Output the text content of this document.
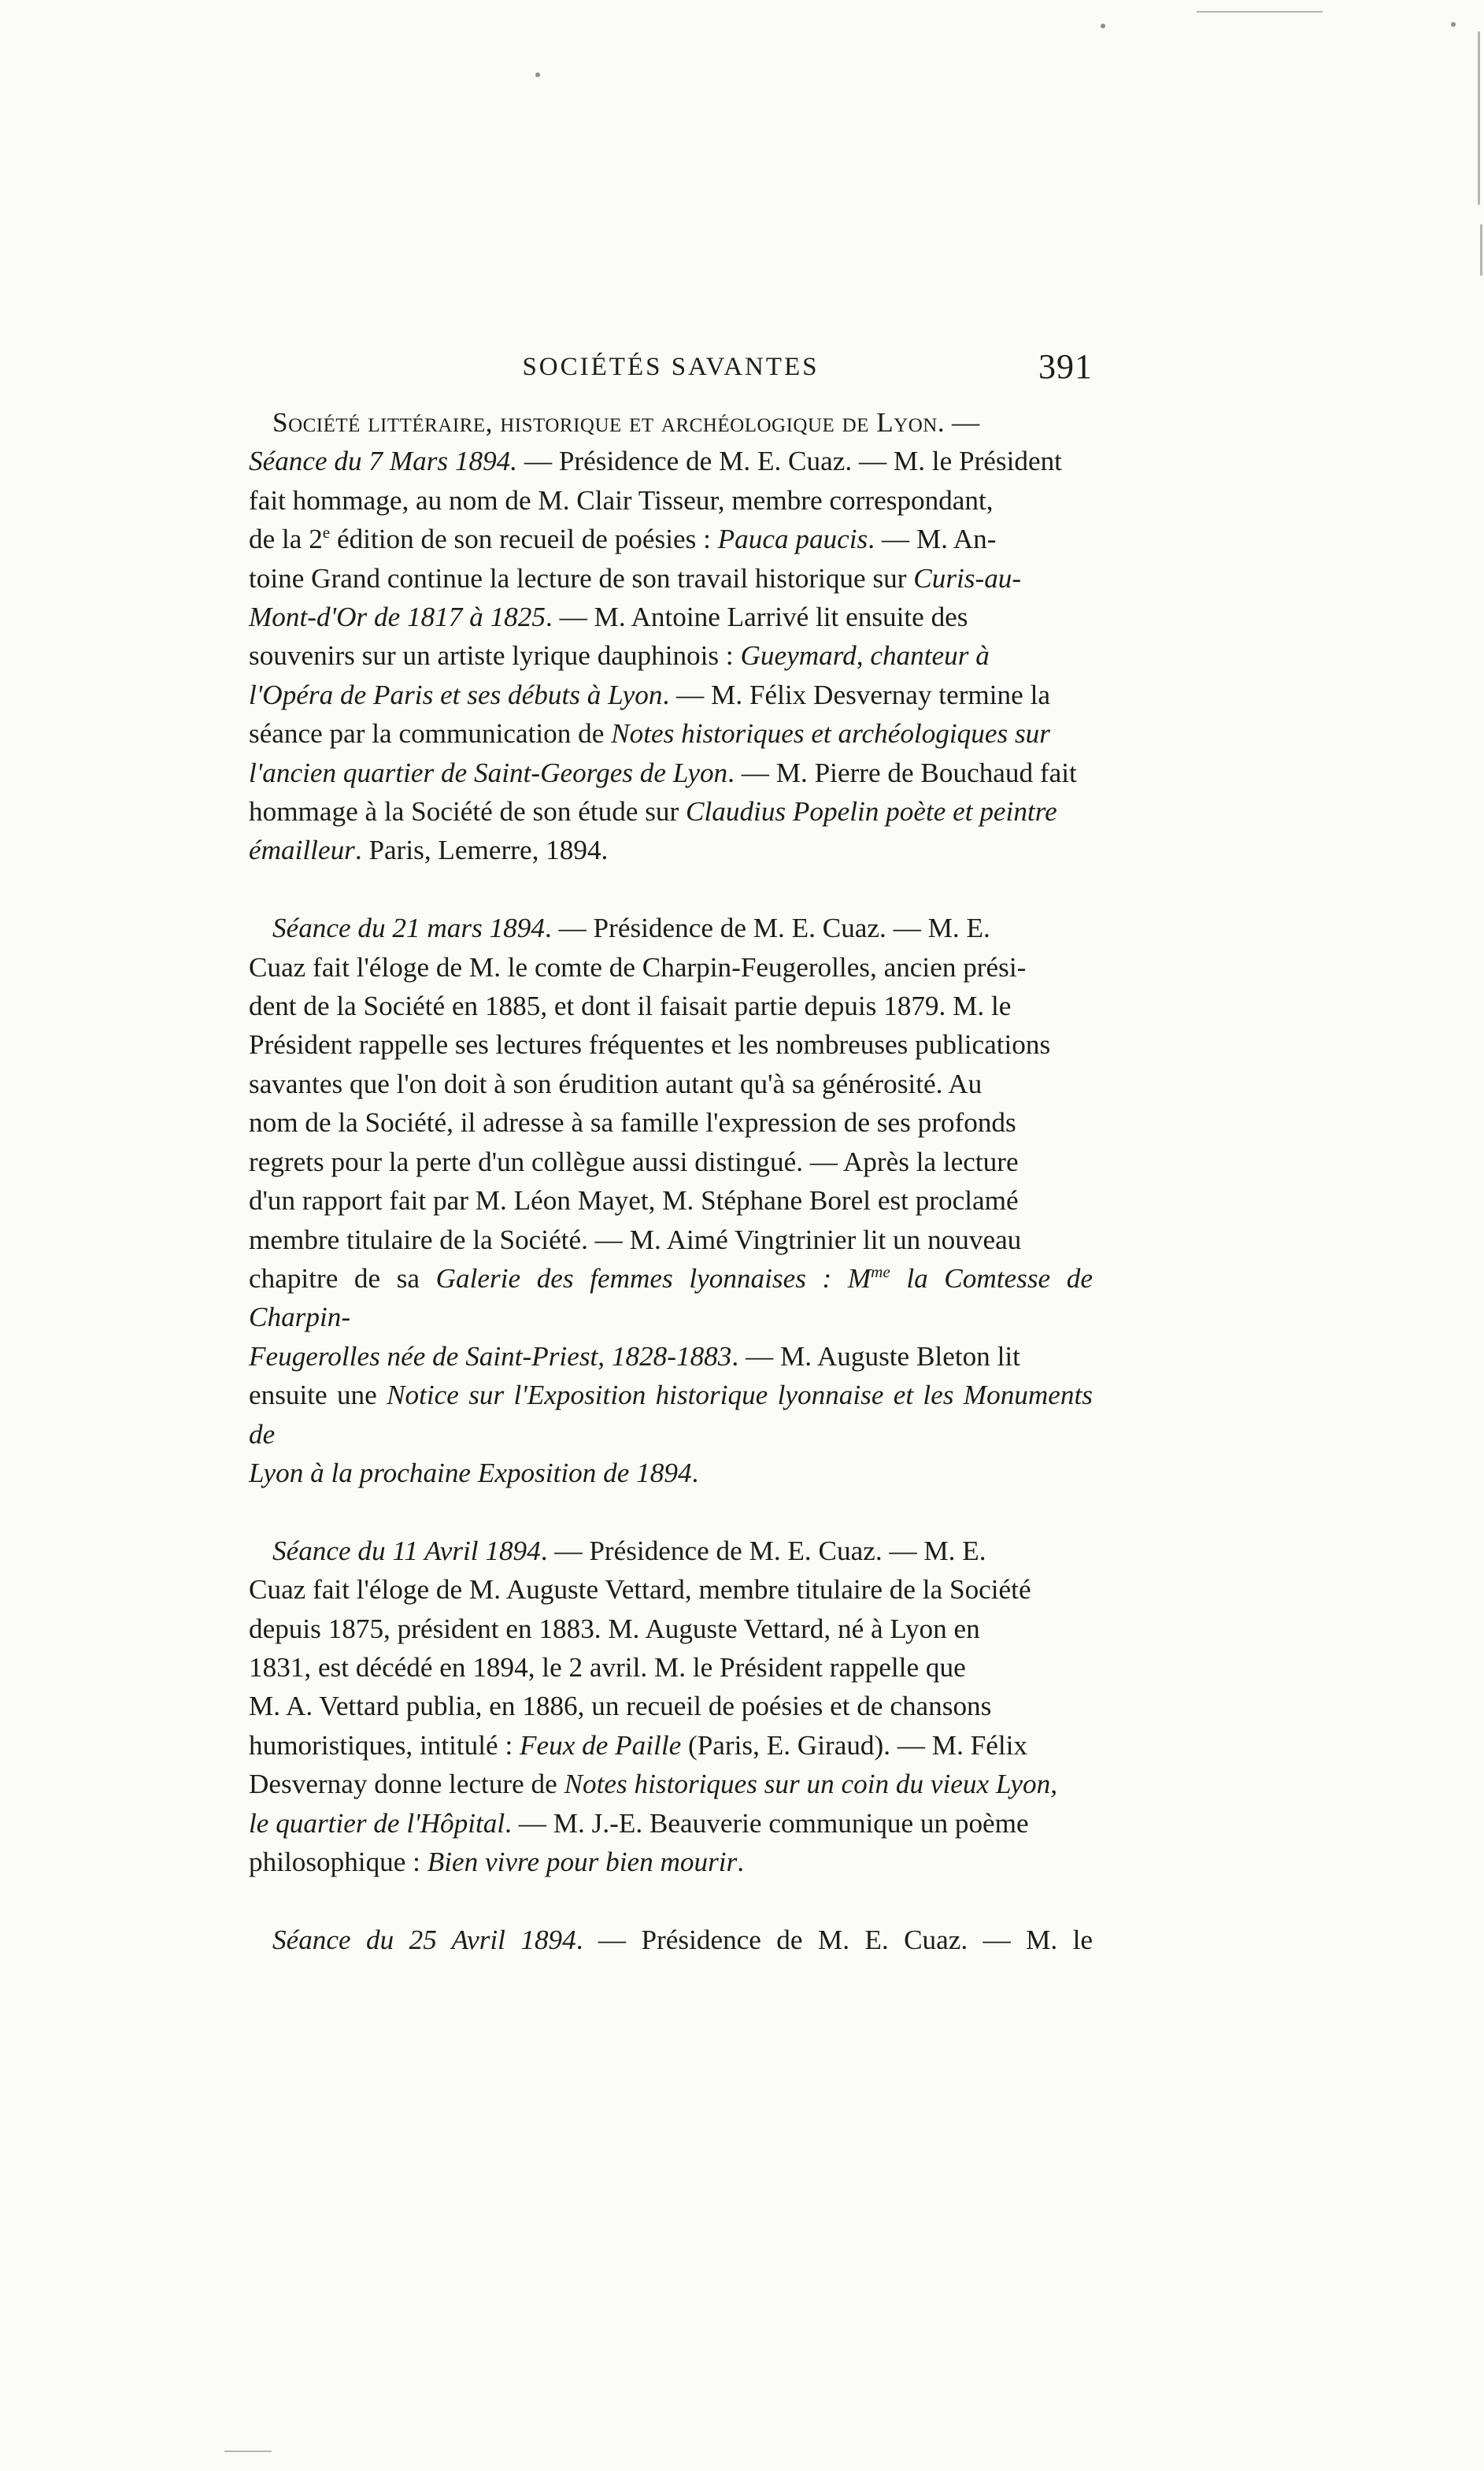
SOCIÉTÉS SAVANTES	391

Société littéraire, historique et archéologique de Lyon. —
Séance du 7 Mars 1894. — Présidence de M. E. Cuaz. — M. le Président
fait hommage, au nom de M. Clair Tisseur, membre correspondant,
de la 2e édition de son recueil de poésies : Pauca paucis. — M. An-
toine Grand continue la lecture de son travail historique sur Curis-au-
Mont-d'Or de 1817 à 1825. — M. Antoine Larrivé lit ensuite des
souvenirs sur un artiste lyrique dauphinois : Gueymard, chanteur à
l'Opéra de Paris et ses débuts à Lyon. — M. Félix Desvernay termine la
séance par la communication de Notes historiques et archéologiques sur
l'ancien quartier de Saint-Georges de Lyon. — M. Pierre de Bouchaud fait
hommage à la Société de son étude sur Claudius Popelin poète et peintre
émailleur. Paris, Lemerre, 1894.

Séance du 21 mars 1894. — Présidence de M. E. Cuaz. — M. E.
Cuaz fait l'éloge de M. le comte de Charpin-Feugerolles, ancien prési-
dent de la Société en 1885, et dont il faisait partie depuis 1879. M. le
Président rappelle ses lectures fréquentes et les nombreuses publications
savantes que l'on doit à son érudition autant qu'à sa générosité. Au
nom de la Société, il adresse à sa famille l'expression de ses profonds
regrets pour la perte d'un collègue aussi distingué. — Après la lecture
d'un rapport fait par M. Léon Mayet, M. Stéphane Borel est proclamé
membre titulaire de la Société. — M. Aimé Vingtrinier lit un nouveau
chapitre de sa Galerie des femmes lyonnaises : $M^{me}$ la Comtesse de Charpin-
Feugerolles née de Saint-Priest, 1828-1883. — M. Auguste Bleton lit
ensuite une Notice sur l'Exposition historique lyonnaise et les Monuments de
Lyon à la prochaine Exposition de 1894.

Séance du 11 Avril 1894. — Présidence de M. E. Cuaz. — M. E.
Cuaz fait l'éloge de M. Auguste Vettard, membre titulaire de la Société
depuis 1875, président en 1883. M. Auguste Vettard, né à Lyon en
1831, est décédé en 1894, le 2 avril. M. le Président rappelle que
M. A. Vettard publia, en 1886, un recueil de poésies et de chansons
humoristiques, intitulé : Feux de Paille (Paris, E. Giraud). — M. Félix
Desvernay donne lecture de Notes historiques sur un coin du vieux Lyon,
le quartier de l'Hôpital. — M. J.-E. Beauverie communique un poème
philosophique : Bien vivre pour bien mourir.

Séance du 25 Avril 1894. — Présidence de M. E. Cuaz. — M. le
